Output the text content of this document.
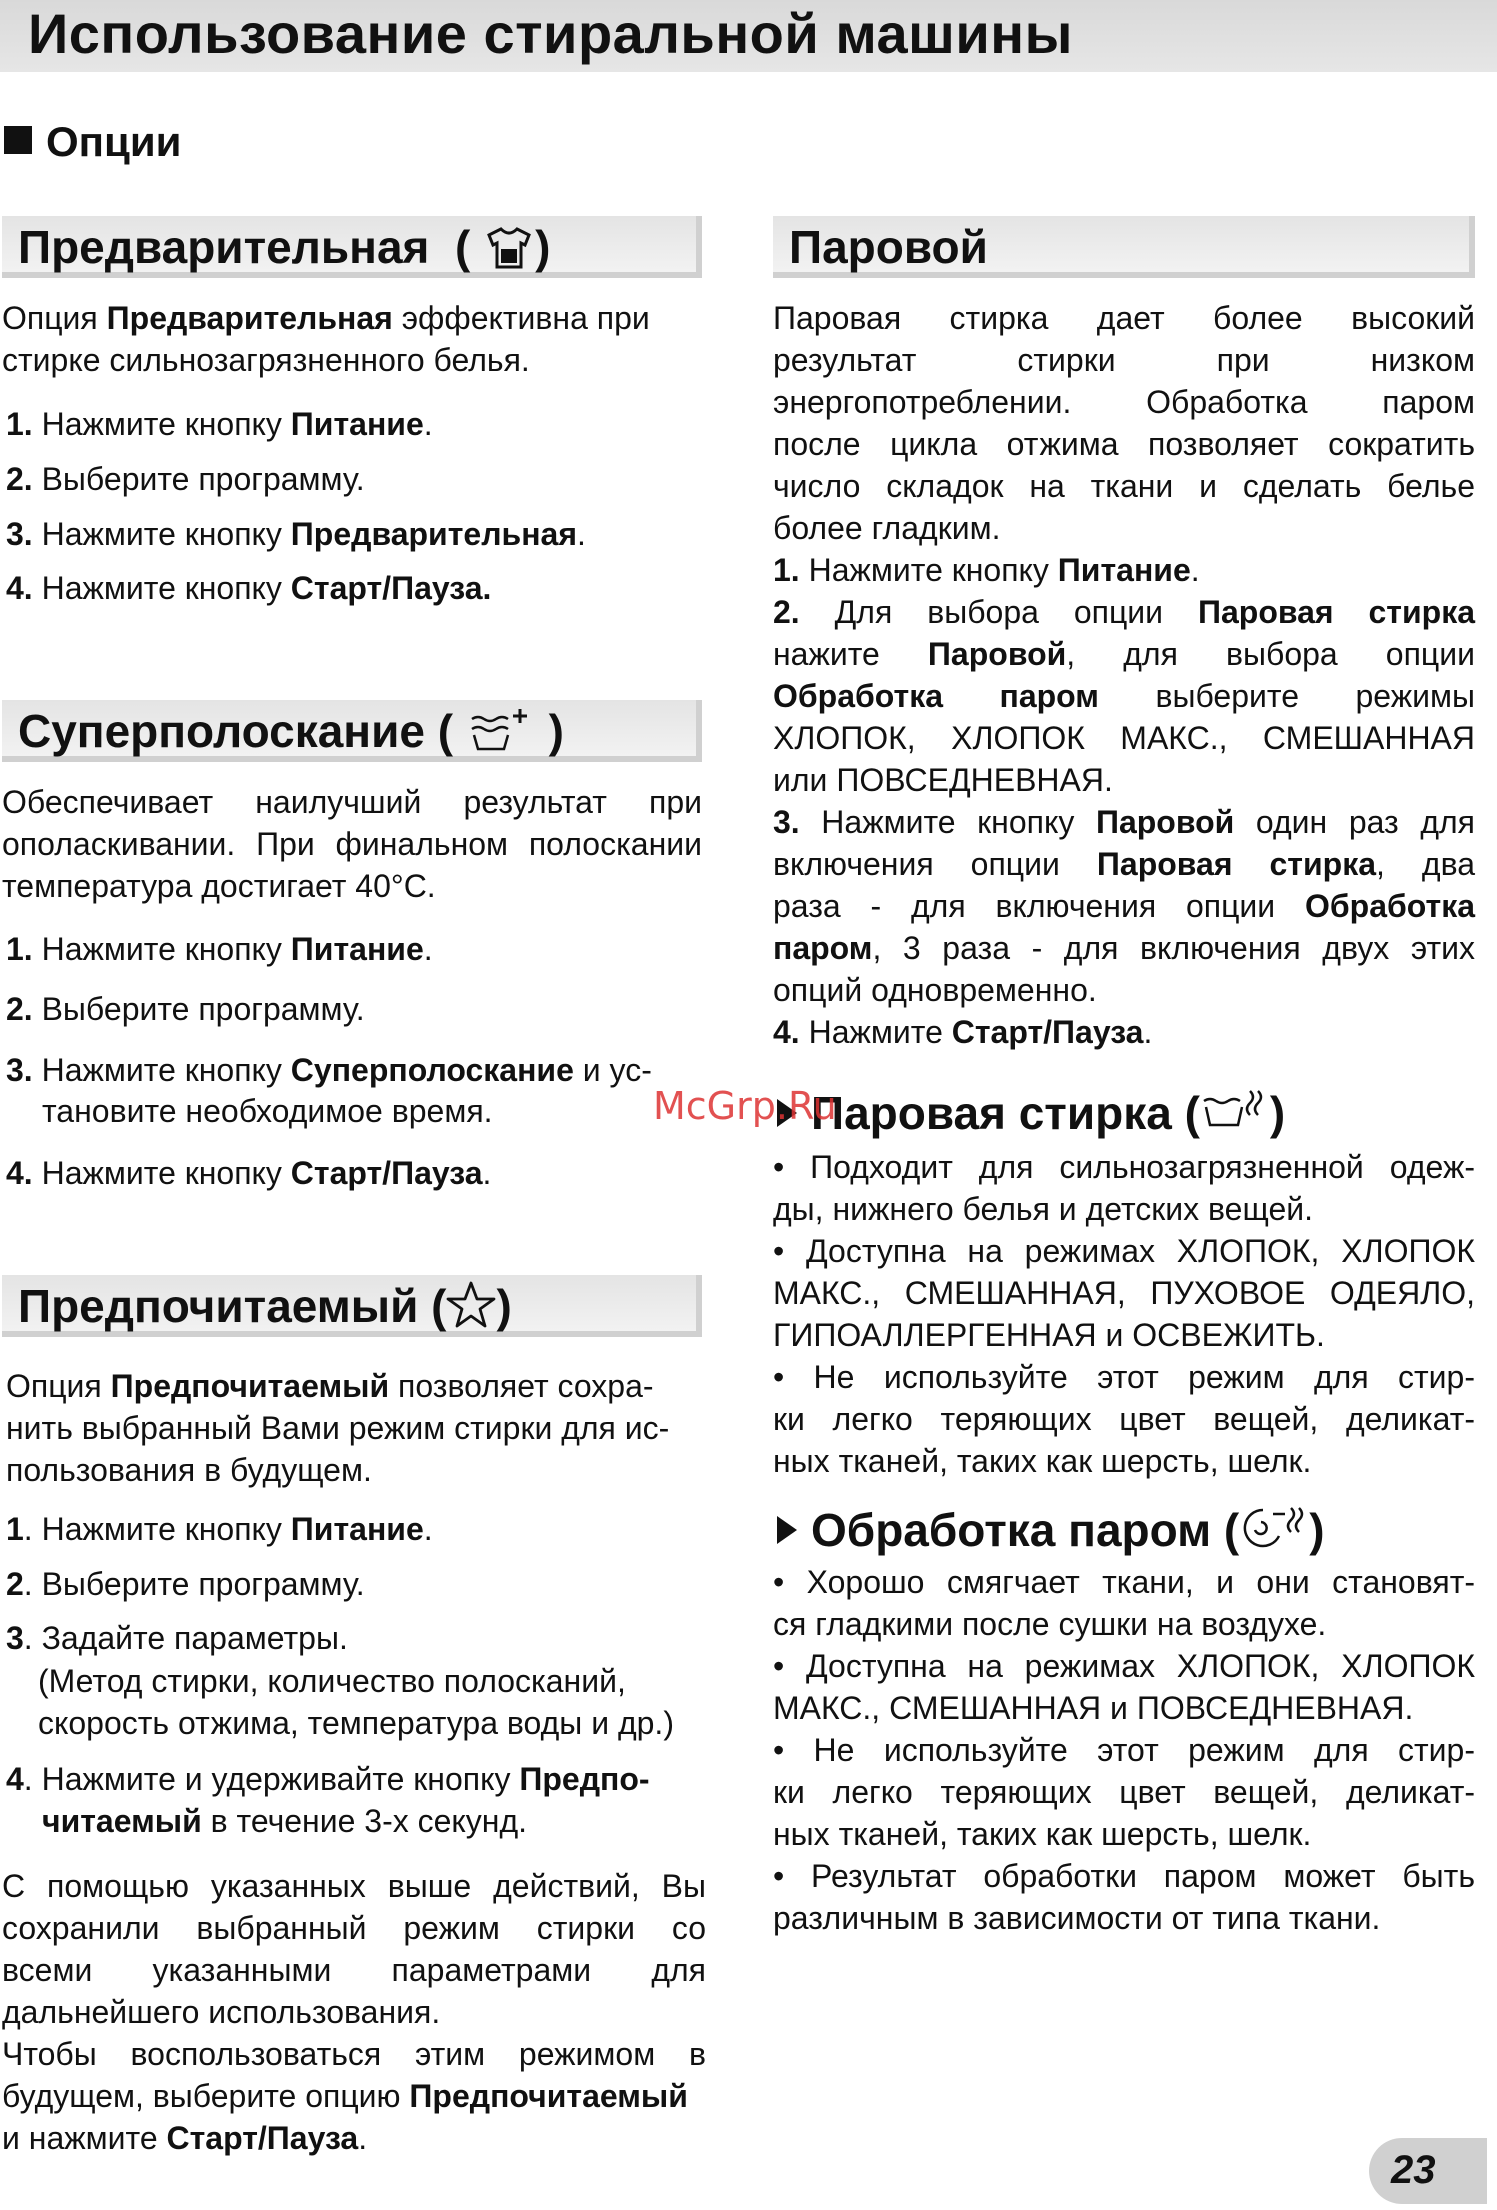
Использование стиральной машины
Опции
Предварительная  ( )
Опция Предварительная эффективна при
стирке сильнозагрязненного белья.
1. Нажмите кнопку Питание.
2. Выберите программу.
3. Нажмите кнопку Предварительная.
4. Нажмите кнопку Старт/Пауза.
Суперполоскание (  )
Обеспечивает наилучший результат при
ополаскивании. При финальном полоскании
температура достигает 40°С.
1. Нажмите кнопку Питание.
2. Выберите программу.
3. Нажмите кнопку Суперполоскание и ус-
тановите необходимое время.
4. Нажмите кнопку Старт/Пауза.
Предпочитаемый ( )
Опция Предпочитаемый позволяет сохра-
нить выбранный Вами режим стирки для ис-
пользования в будущем.
1. Нажмите кнопку Питание.
2. Выберите программу.
3. Задайте параметры.
(Метод стирки, количество полосканий,
скорость отжима, температура воды и др.)
4. Нажмите и удерживайте кнопку Предпо-
читаемый в течение 3-х секунд.
С помощью указанных выше действий, Вы
сохранили выбранный режим стирки со
всеми указанными параметрами для
дальнейшего использования.
Чтобы воспользоваться этим режимом в
будущем, выберите опцию Предпочитаемый
и нажмите Старт/Пауза.
Паровой
Паровая стирка дает более высокий
результат стирки при низком
энергопотреблении. Обработка паром
после цикла отжима позволяет сократить
число складок на ткани и сделать белье
более гладким.
1. Нажмите кнопку Питание.
2. Для выбора опции Паровая стирка
нажите Паровой, для выбора опции
Обработка паром выберите режимы
ХЛОПОК, ХЛОПОК МАКС., СМЕШАННАЯ
или ПОВСЕДНЕВНАЯ.
3. Нажмите кнопку Паровой один раз для
включения опции Паровая стирка, два
раза - для включения опции Обработка
паром, 3 раза - для включения двух этих
опций одновременно.
4. Нажмите Старт/Пауза.
Паровая стирка ( )
• Подходит для сильнозагрязненной одеж-
ды, нижнего белья и детских вещей.
• Доступна на режимах ХЛОПОК, ХЛОПОК
МАКС., СМЕШАННАЯ, ПУХОВОЕ ОДЕЯЛО,
ГИПОАЛЛЕРГЕННАЯ и ОСВЕЖИТЬ.
• Не используйте этот режим для стир-
ки легко теряющих цвет вещей, деликат-
ных тканей, таких как шерсть, шелк.
Обработка паром ( )
• Хорошо смягчает ткани, и они становят-
ся гладкими после сушки на воздухе.
• Доступна на режимах ХЛОПОК, ХЛОПОК
МАКС., СМЕШАННАЯ и ПОВСЕДНЕВНАЯ.
• Не используйте этот режим для стир-
ки легко теряющих цвет вещей, деликат-
ных тканей, таких как шерсть, шелк.
• Результат обработки паром может быть
различным в зависимости от типа ткани.
McGrp.Ru
23
